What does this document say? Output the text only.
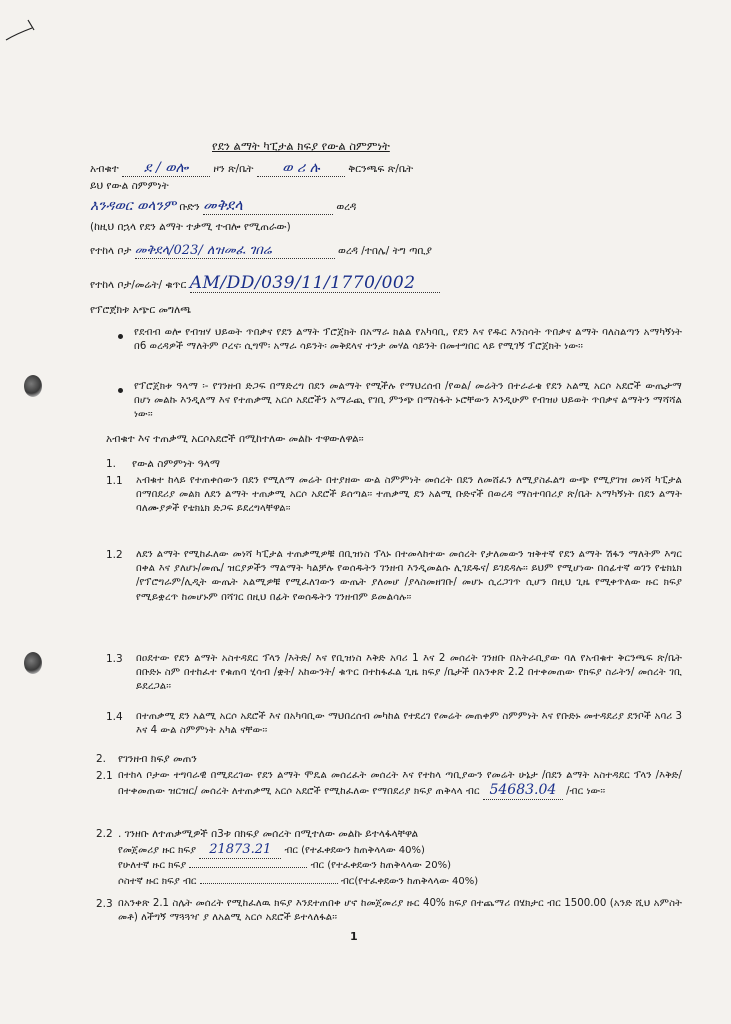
የደን ልማት ካፒታል ክፍያ የውል ስምምነት
አብቁተ ደ / ወሎ ዞን ጽ/ቤት ወ ሪ ሉ	ቅርንጫፍ ጽ/ቤት
ይህ የውል ስምምነት
እንዳወር ወላንም ቡድን መቅደላ	ወረዳ
(ከዚህ በኋላ የደን ልማት ተቃሚ ተብሎ የሚጠራው)
የተከላ ቦታ መቅደላ/023/ ለዝመፈ ገበሬ	ወረዳ /ተበሌ/ ትግ ጣቢያ
የተከላ ቦታ/መሬት/ ቁጥር AM/DD/039/11/1770/002
የፕሮጀክቱ አጭር መግለጫ
የደብብ ወሎ የብዝሃ ህይወት ጥበቃና የደን ልማት ፕሮጀክት በአማራ ክልል የአካባቢ, የደን እና የዱር እንስሳት ጥበቃና ልማት ባለስልጣን አማካኝነት በ6 ወረዳዎች ማለትም ቦረና፡ ሲግሞ፡ አማራ ሳይንት፡ መቅደላና ተንታ መሃል ሳይንት በመተግበር ላይ የሚገኝ ፕሮጀክት ነው፡፡
የፕሮጀክቱ ዓላማ ፡- የገንዘብ ድጋፍ በማድረግ በደን መልማት የሚችሉ የማህረሰብ /የወል/ መሬትን በተራራቄ የደን አልሚ አርሶ አደሮች ውጤታማ በሆነ መልኩ እንዲለማ እና የተጠቃሚ አርሶ አደሮችን አማራጪ የገቢ ምንጭ በማስፋት ኑሮቸውን እንዲሁም የብዝሀ ህይወት ጥበቃና ልማትን ማሻሻል ነው፡፡
አብቁተ እና ተጠቃሚ አርሶአደሮች በሚከተለው መልኩ ተዋውለዋል፡፡
1. የውል ስምምነት ዓላማ
1.1 አብቁተ ከላይ የተጠቀሰውን በደን የሚለማ መሬት በተያዘው ውል ስምምነት መሰረት በደን ለመሸፈን ለሚያስፈልግ ውጭ የሚያገዝ መነሻ ካፒታል በማበደሪያ መልክ ለደን ልማት ተጠቃሚ አርሶ አደሮች ይሰጣል፡፡ ተጠቃሚ ደን አልሚ ቡድኖች በወረዳ ማስተባበሪያ ጽ/ቤት አማካኝነት በደን ልማት ባለሙያዎች የቴክኒክ ድጋፍ ይደረግላቸዋል፡፡
1.2 ለደን ልማት የሚከፈለው መነሻ ካፒታል ተጠቃሚዎቹ በቢዝነስ ፕላኑ በተመላከተው መሰረት የታለመውን ዝቅተኛ የደን ልማት ሽፋን ማለትም እግር በቀል እና ያለሆኑ/መጤ/ ዝርያዎችን ማልማት ካልቻሉ የወሰዱትን ገንዘብ እንዲመልሱ ሊገደዱና/ ይገደዳሉ፡፡ ይህም የሚሆነው በሰፊተኛ ወገን የቴክኒክ /የፕሮግራም/ሊዲት ውጤት አልሚዎቹ የሚፈለገውን ውጤት ያለመሆ /ያላስመዘገቡ/ መሆኑ ሲረጋገጥ ሲሆን በዚህ ጊዜ የሚቀጥለው ዙር ክፍያ የሚይቋረጥ ከመሆኑም በሻገር በዚህ በፊት የወሰዱትን ገንዘብም ይመልሳሉ፡፡
1.3 በዐደተው የደን ልማት አስተዳደር ፕላን /እትድ/ እና የቢዝነስ እቅድ አባሪ 1 እና 2 መሰረት ገንዘቡ በአትራቢያው ባለ የአብቁተ ቅርንጫፍ ጽ/ቤት በቡድኑ ስም በተከፈተ የቁጠባ ሂሳብ /ቋት/ አከውንት/ ቁጥር በተከፋፈል ጊዜ ክፍያ /ቤታች በአንቀጽ 2.2 በተቀመጠው የክፍያ ስራትን/ መሰረት ገቢ ይደረጋል፡፡
1.4 በተጠቃሚ ደን አልሚ አርሶ አደሮች እና በአካባቢው ማህበረሰብ መካከል የተደረገ የመሬት መጠቀም ስምምነት እና የቡድኑ መተዳደሪያ ደንቦች አባሪ 3 እና 4 ውል ስምምነት አካል ናቸው፡፡
2. የገንዘብ ክፍያ መጠን
2.1 በተከላ ቦታው ተግባራዊ በሚደረገው የደን ልማት ሞዴል መሰረፈት መሰረት እና የተከላ ጣቢያውን የመሬት ሁኔታ /በደን ልማት አስተዳደር ፕላን /እቅድ/ በተቀመጠው ዝርዝር/ መሰረት ለተጠቃሚ አርሶ አደሮች የሚከፈለው የማበደሪያ ክፍያ ጠቅላላ ብር 54683.04 /ብር ነው፡፡
2.2 . ገንዘቡ ለተጠቃሚዎች በ3ቱ በክፍያ መሰረት በሚተለው መልኩ ይተላፋላቸዋል
የመጀመሪያ ዙር ክፍያ 21873.21 ብር (የተፈቀደውን ከጠቅላላው 40%)
የሁለተኛ ዙር ክፍያ	ብር (የተፈቀደውን ከጠቅላላው 20%)
ሶስተኛ ዙር ክፍያ ብር	ብር(የተፈቀደውን ከጠቅላላው 40%)
2.3 በአንቀጽ 2.1 ስሌት መሰረት የሚከፈለዉ ክፍያ እንደተጠበቀ ሆኖ ከመጀመሪያ ዙር 40% ክፍያ በተጨማሪ በሄክታር ብር 1500.00 (አንድ ሺህ አምስት መቶ) ለችግኝ ማጓጓዣ ያ ለአልሚ አርሶ አደሮች ይተላለፋል፡፡
1
